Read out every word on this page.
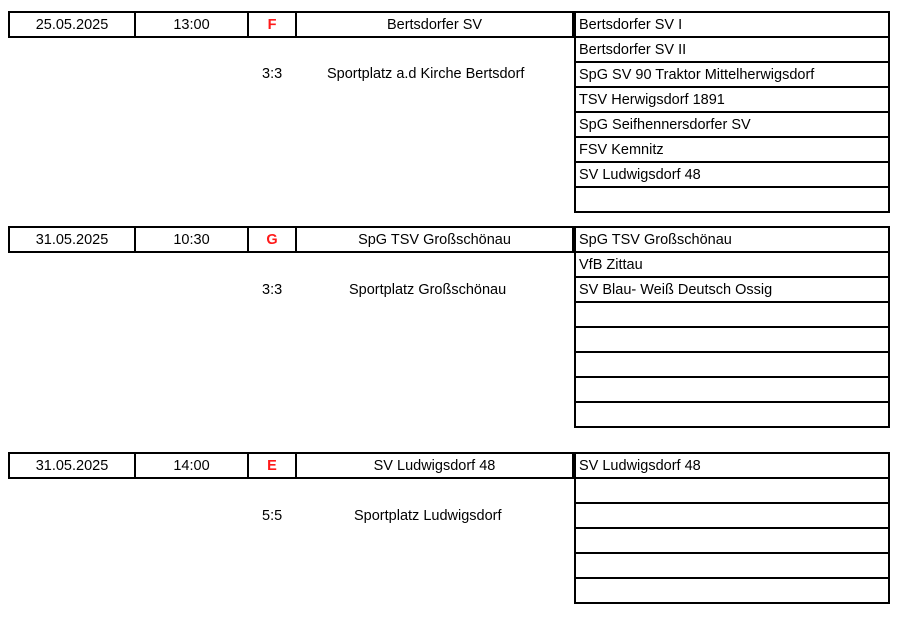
25.05.2025	13:00	F	Bertsdorfer SV	Bertsdorfer SV I
Bertsdorfer SV II
SpG SV 90 Traktor Mittelherwigsdorf
TSV Herwigsdorf 1891
SpG Seifhennersdorfer SV
FSV Kemnitz
SV Ludwigsdorf 48
3:3	Sportplatz a.d Kirche Bertsdorf
31.05.2025	10:30	G	SpG TSV Großschönau	SpG TSV Großschönau
VfB Zittau
SV Blau- Weiß Deutsch Ossig
3:3	Sportplatz Großschönau
31.05.2025	14:00	E	SV Ludwigsdorf 48	SV Ludwigsdorf 48
5:5	Sportplatz Ludwigsdorf
